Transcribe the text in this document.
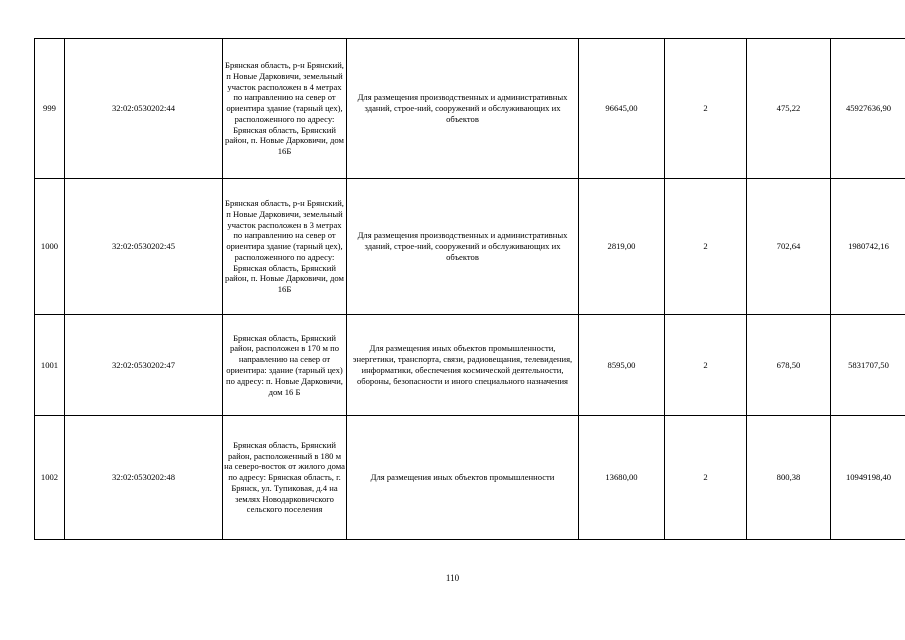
999	32:02:0530202:44	Брянская область, р-н Брянский, п Новые Дарковичи, земельный участок расположен в 4 метрах по направлению на север от ориентира здание (тарный цех), расположенного по адресу: Брянская область, Брянский район, п. Новые Дарковичи, дом 16Б	Для размещения производственных и административных зданий, строе-ний, сооружений и обслуживающих их объектов	96645,00	2	475,22	45927636,90
1000	32:02:0530202:45	Брянская область, р-н Брянский, п Новые Дарковичи, земельный участок расположен в 3 метрах по направлению на север от ориентира здание (тарный цех), расположенного по адресу: Брянская область, Брянский район, п. Новые Дарковичи, дом 16Б	Для размещения производственных и административных зданий, строе-ний, сооружений и обслуживающих их объектов	2819,00	2	702,64	1980742,16
1001	32:02:0530202:47	Брянская область, Брянский район, расположен в 170 м по направлению на север от ориентира: здание (тарный цех) по адресу: п. Новые Дарковичи, дом 16 Б	Для размещения иных объектов промышленности, энергетики, транспорта, связи, радиовещания, телевидения, информатики, обеспечения космической деятельности, обороны, безопасности и иного специального назначения	8595,00	2	678,50	5831707,50
1002	32:02:0530202:48	Брянская область, Брянский район, расположенный в 180 м на северо-восток от жилого дома по адресу: Брянская область, г. Брянск, ул. Тупиковая, д.4 на землях Новодарковичского сельского поселения	Для размещения иных объектов промышленности	13680,00	2	800,38	10949198,40
110
